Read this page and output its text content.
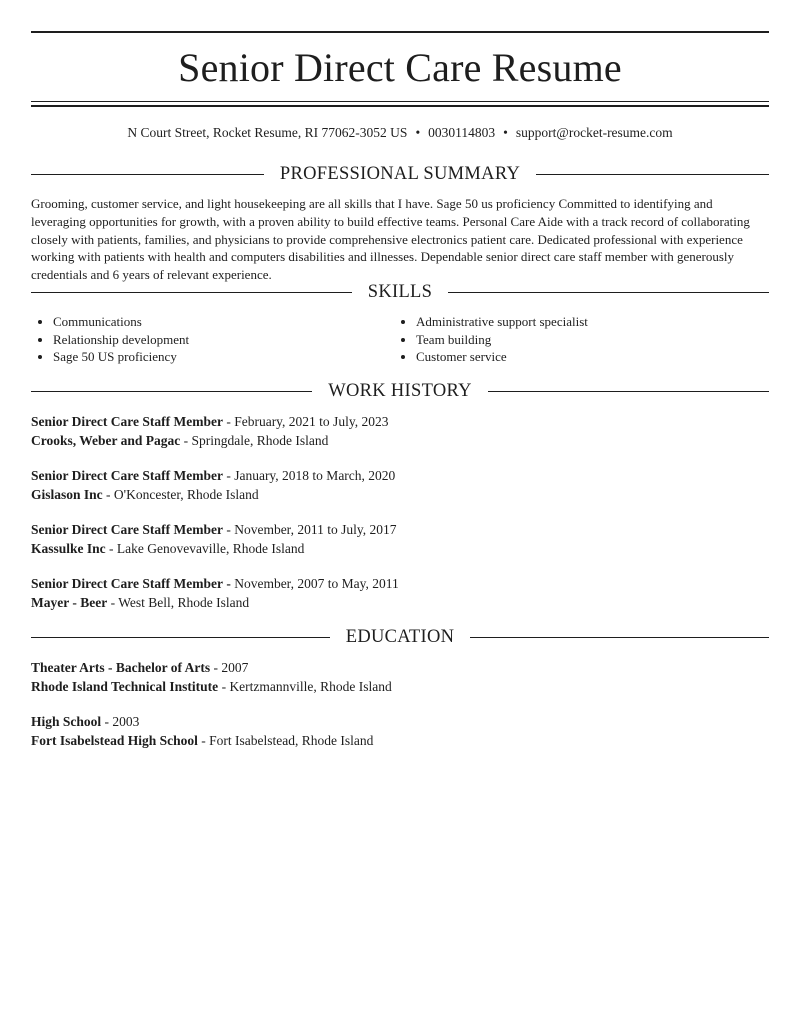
Senior Direct Care Resume
N Court Street, Rocket Resume, RI 77062-3052 US • 0030114803 • support@rocket-resume.com
PROFESSIONAL SUMMARY

Grooming, customer service, and light housekeeping are all skills that I have. Sage 50 us proficiency Committed to identifying and leveraging opportunities for growth, with a proven ability to build effective teams. Personal Care Aide with a track record of collaborating closely with patients, families, and physicians to provide comprehensive electronics patient care. Dedicated professional with experience working with patients with health and computers disabilities and illnesses. Dependable senior direct care staff member with generously credentials and 6 years of relevant experience.

SKILLS
• Communications
• Relationship development
• Sage 50 US proficiency
• Administrative support specialist
• Team building
• Customer service
WORK HISTORY
Senior Direct Care Staff Member - February, 2021 to July, 2023
Crooks, Weber and Pagac - Springdale, Rhode Island
Senior Direct Care Staff Member - January, 2018 to March, 2020
Gislason Inc - O'Koncester, Rhode Island
Senior Direct Care Staff Member - November, 2011 to July, 2017
Kassulke Inc - Lake Genovevaville, Rhode Island
Senior Direct Care Staff Member - November, 2007 to May, 2011
Mayer - Beer - West Bell, Rhode Island
EDUCATION
Theater Arts - Bachelor of Arts - 2007
Rhode Island Technical Institute - Kertzmannville, Rhode Island
High School - 2003
Fort Isabelstead High School - Fort Isabelstead, Rhode Island
